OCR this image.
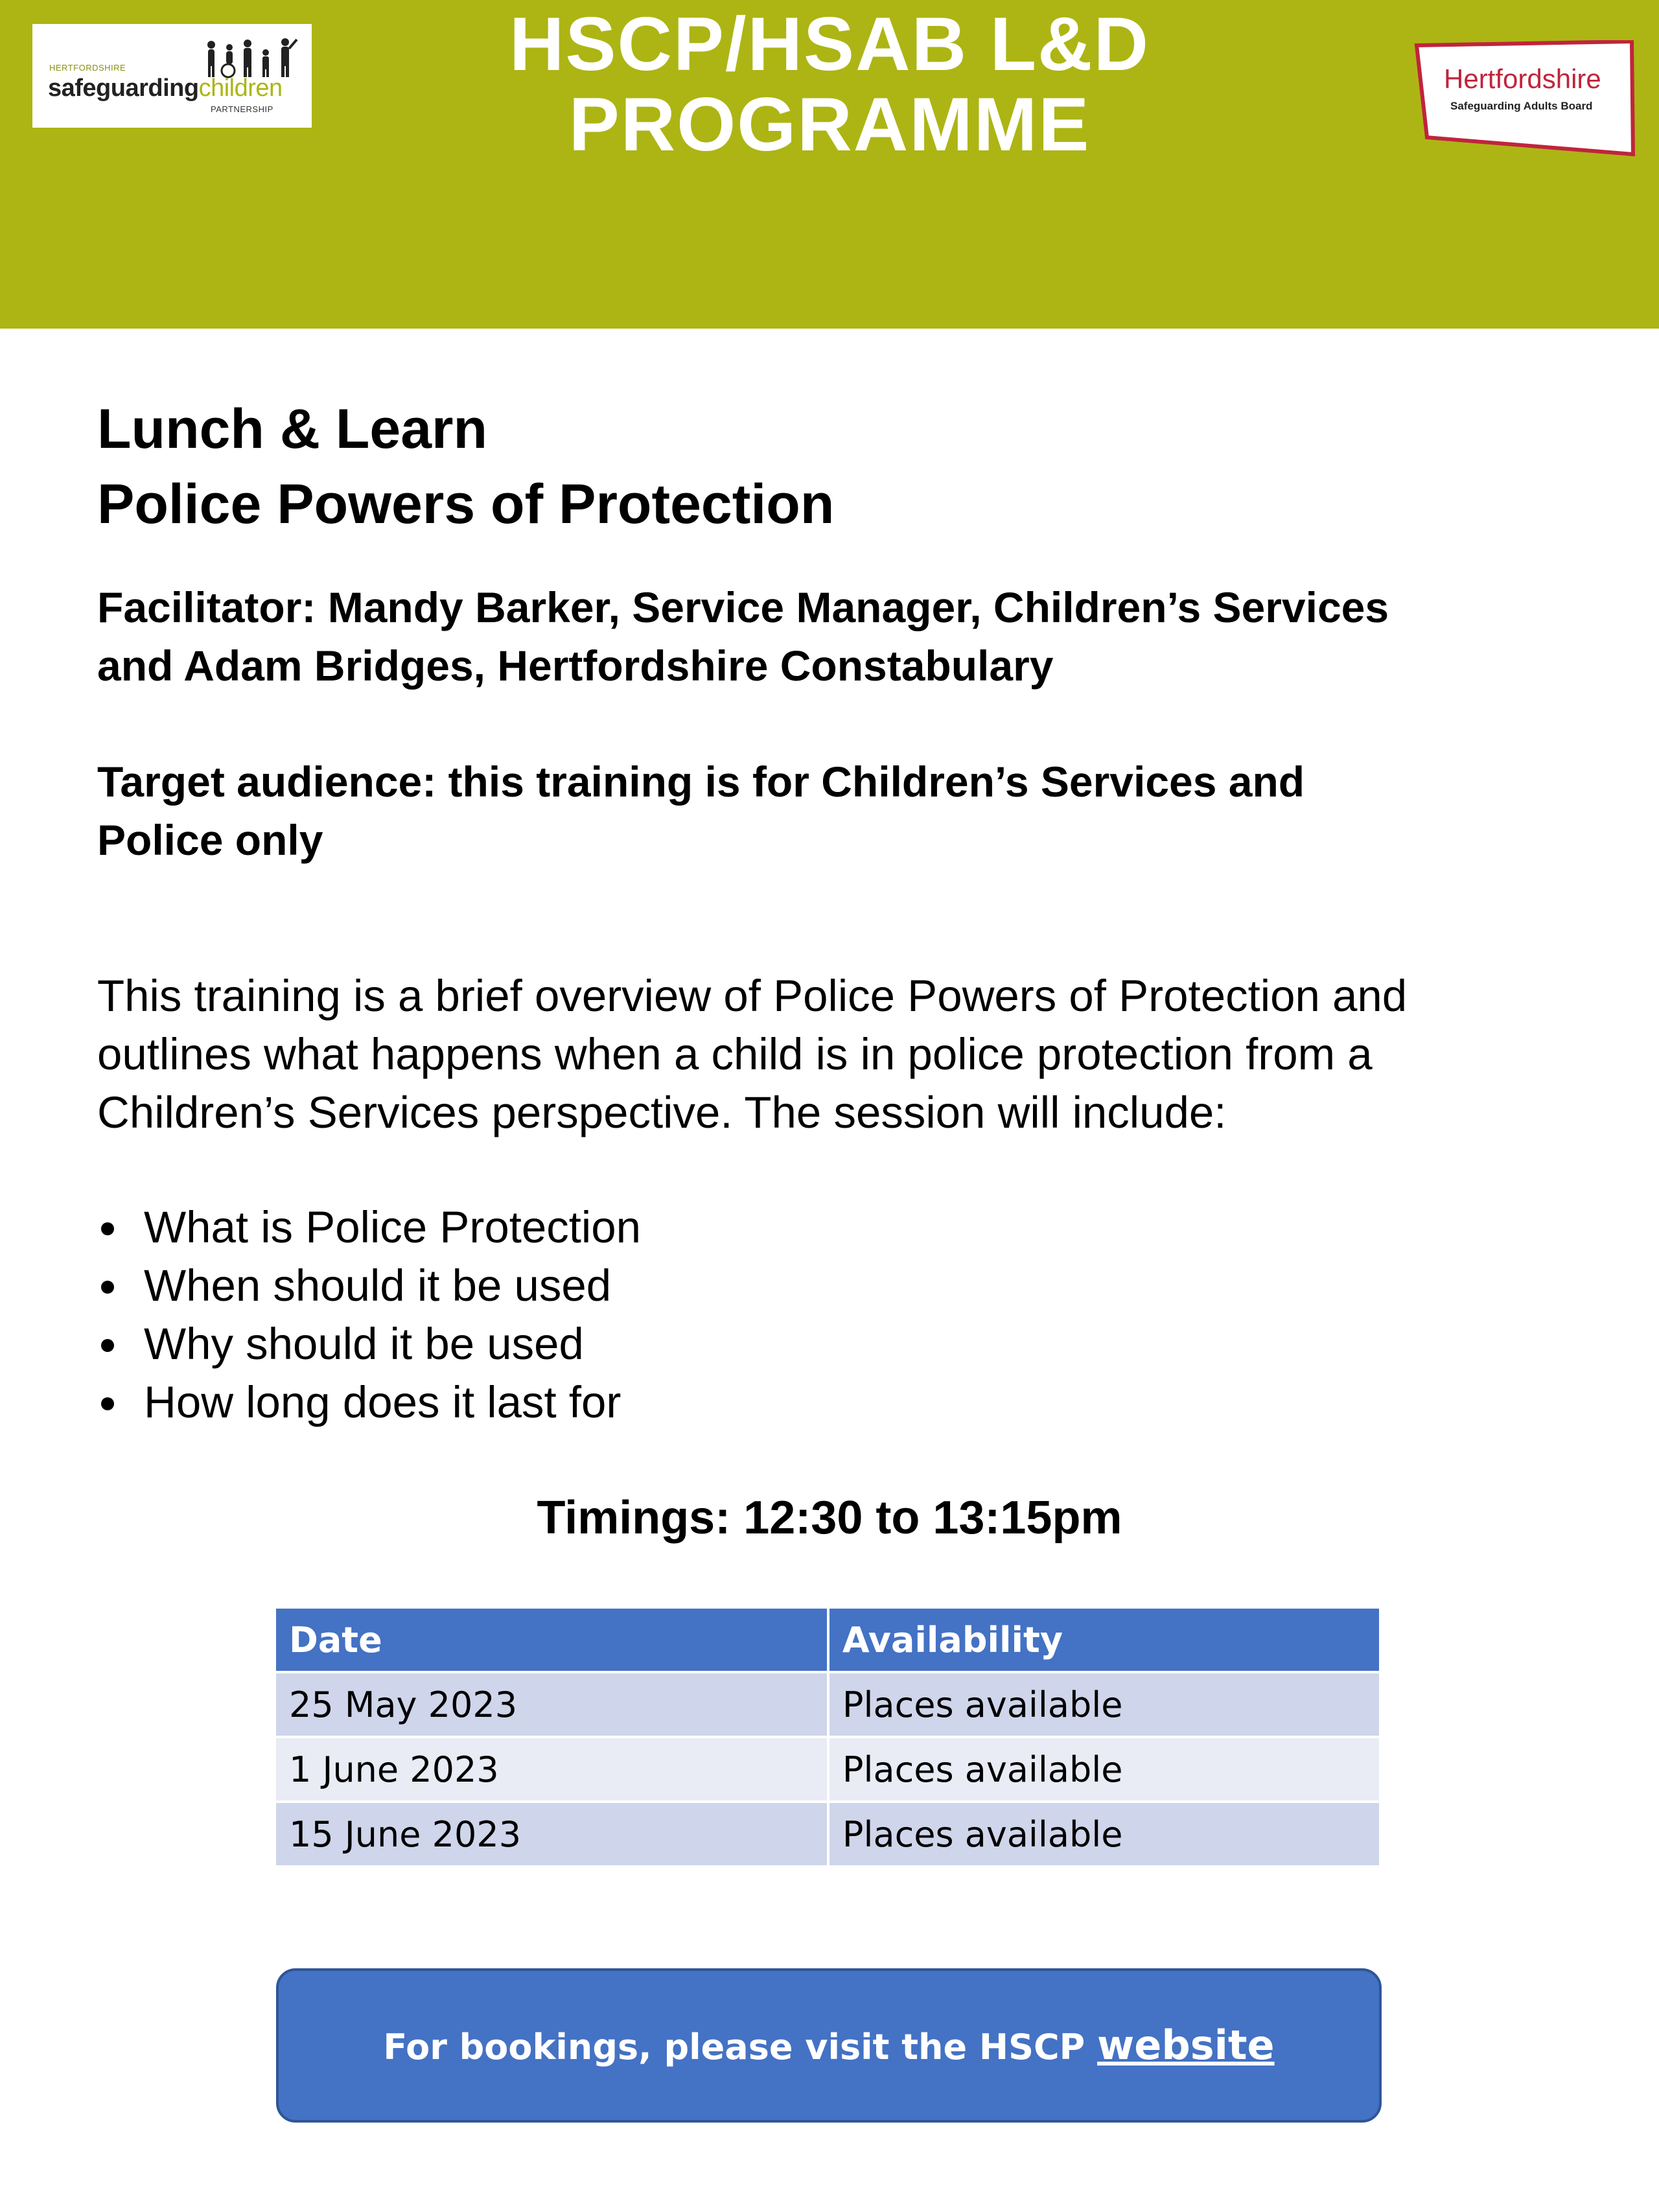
HERTFORDSHIRE
safeguardingchildren
PARTNERSHIP
HSCP/HSAB L&D
PROGRAMME
Hertfordshire
Safeguarding Adults Board
Lunch & Learn
Police Powers of Protection

Facilitator: Mandy Barker, Service Manager, Children’s Services
and Adam Bridges, Hertfordshire Constabulary

Target audience: this training is for Children’s Services and
Police only

This training is a brief overview of Police Powers of Protection and
outlines what happens when a child is in police protection from a
Children’s Services perspective. The session will include:

What is Police Protection
When should it be used
Why should it be used
How long does it last for
Timings: 12:30 to 13:15pm
Date	Availability
25 May 2023	Places available
1 June 2023	Places available
15 June 2023	Places available
For bookings, please visit the HSCP website
